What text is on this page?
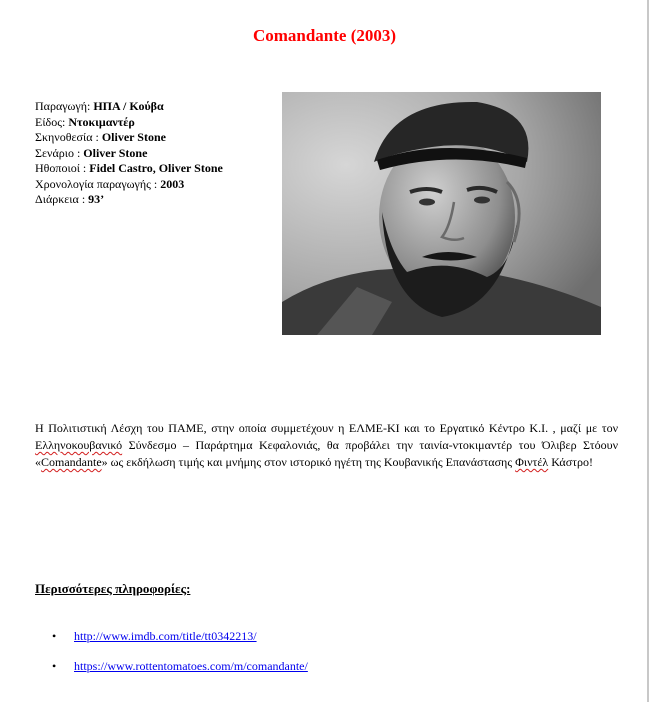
Comandante (2003)
Παραγωγή: ΗΠΑ / Κούβα
Είδος: Ντοκιμαντέρ
Σκηνοθεσία : Oliver Stone
Σενάριο : Oliver Stone
Ηθοποιοί : Fidel Castro, Oliver Stone
Χρονολογία παραγωγής : 2003
Διάρκεια : 93’
Η Πολιτιστική Λέσχη του ΠΑΜΕ, στην οποία συμμετέχουν η ΕΛΜΕ-ΚΙ και το Εργατικό Κέντρο Κ.Ι. , μαζί με τον Ελληνοκουβανικό Σύνδεσμο – Παράρτημα Κεφαλονιάς, θα προβάλει την ταινία-ντοκιμαντέρ του Όλιβερ Στόουν «Comandante» ως εκδήλωση τιμής και μνήμης στον ιστορικό ηγέτη της Κουβανικής Επανάστασης Φιντέλ Κάστρο!
Περισσότερες πληροφορίες:
• http://www.imdb.com/title/tt0342213/
• https://www.rottentomatoes.com/m/comandante/
